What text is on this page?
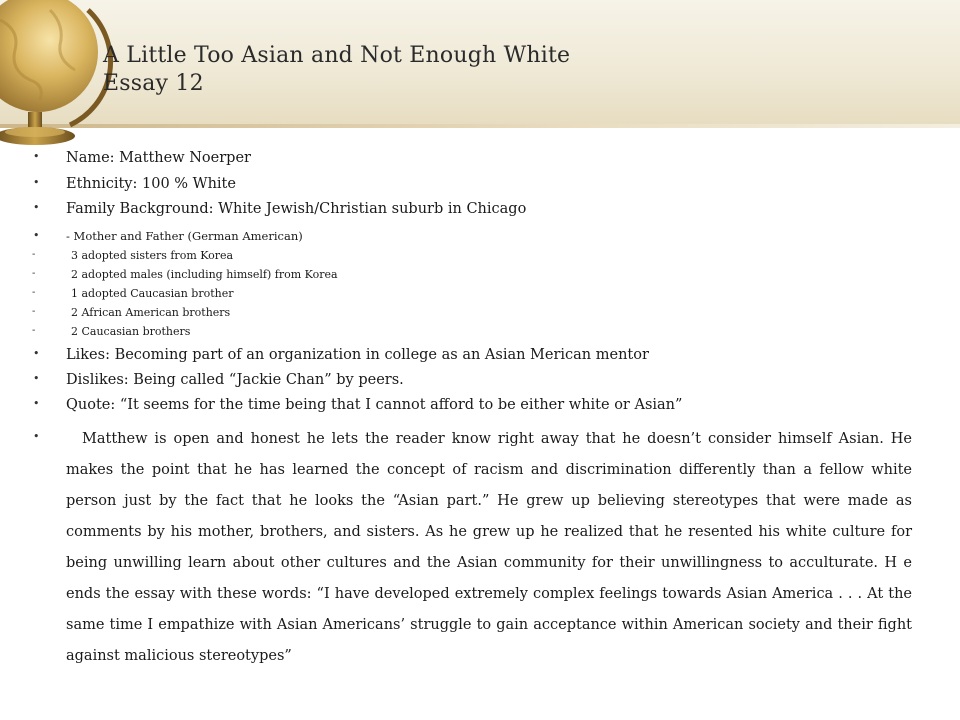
A Little Too Asian and Not Enough White
Essay 12
• Name: Matthew Noerper
• Ethnicity: 100 % White
• Family Background: White Jewish/Christian suburb in Chicago
• - Mother and Father (German American)
-	3 adopted sisters from Korea
-	2 adopted males (including himself) from Korea
-	1 adopted Caucasian brother
-	2 African American brothers
-	2 Caucasian brothers
• Likes: Becoming part of an organization in college as an Asian Merican mentor
• Dislikes: Being called “Jackie Chan” by peers.
• Quote: “It seems for the time being that I cannot afford to be either white or Asian”
•	Matthew is open and honest he lets the reader know right away that he doesn’t consider himself Asian. He makes the point that he has learned the concept of racism and discrimination differently than a fellow white person just by the fact that he looks the “Asian part.” He grew up believing stereotypes that were made as comments by his mother, brothers, and sisters. As he grew up he realized that he resented his white culture for being unwilling learn about other cultures and the Asian community for their unwillingness to acculturate. H e ends the essay with these words: “I have developed extremely complex feelings towards Asian America . . . At the same time I empathize with Asian Americans’ struggle to gain acceptance within American society and their fight against malicious stereotypes”
